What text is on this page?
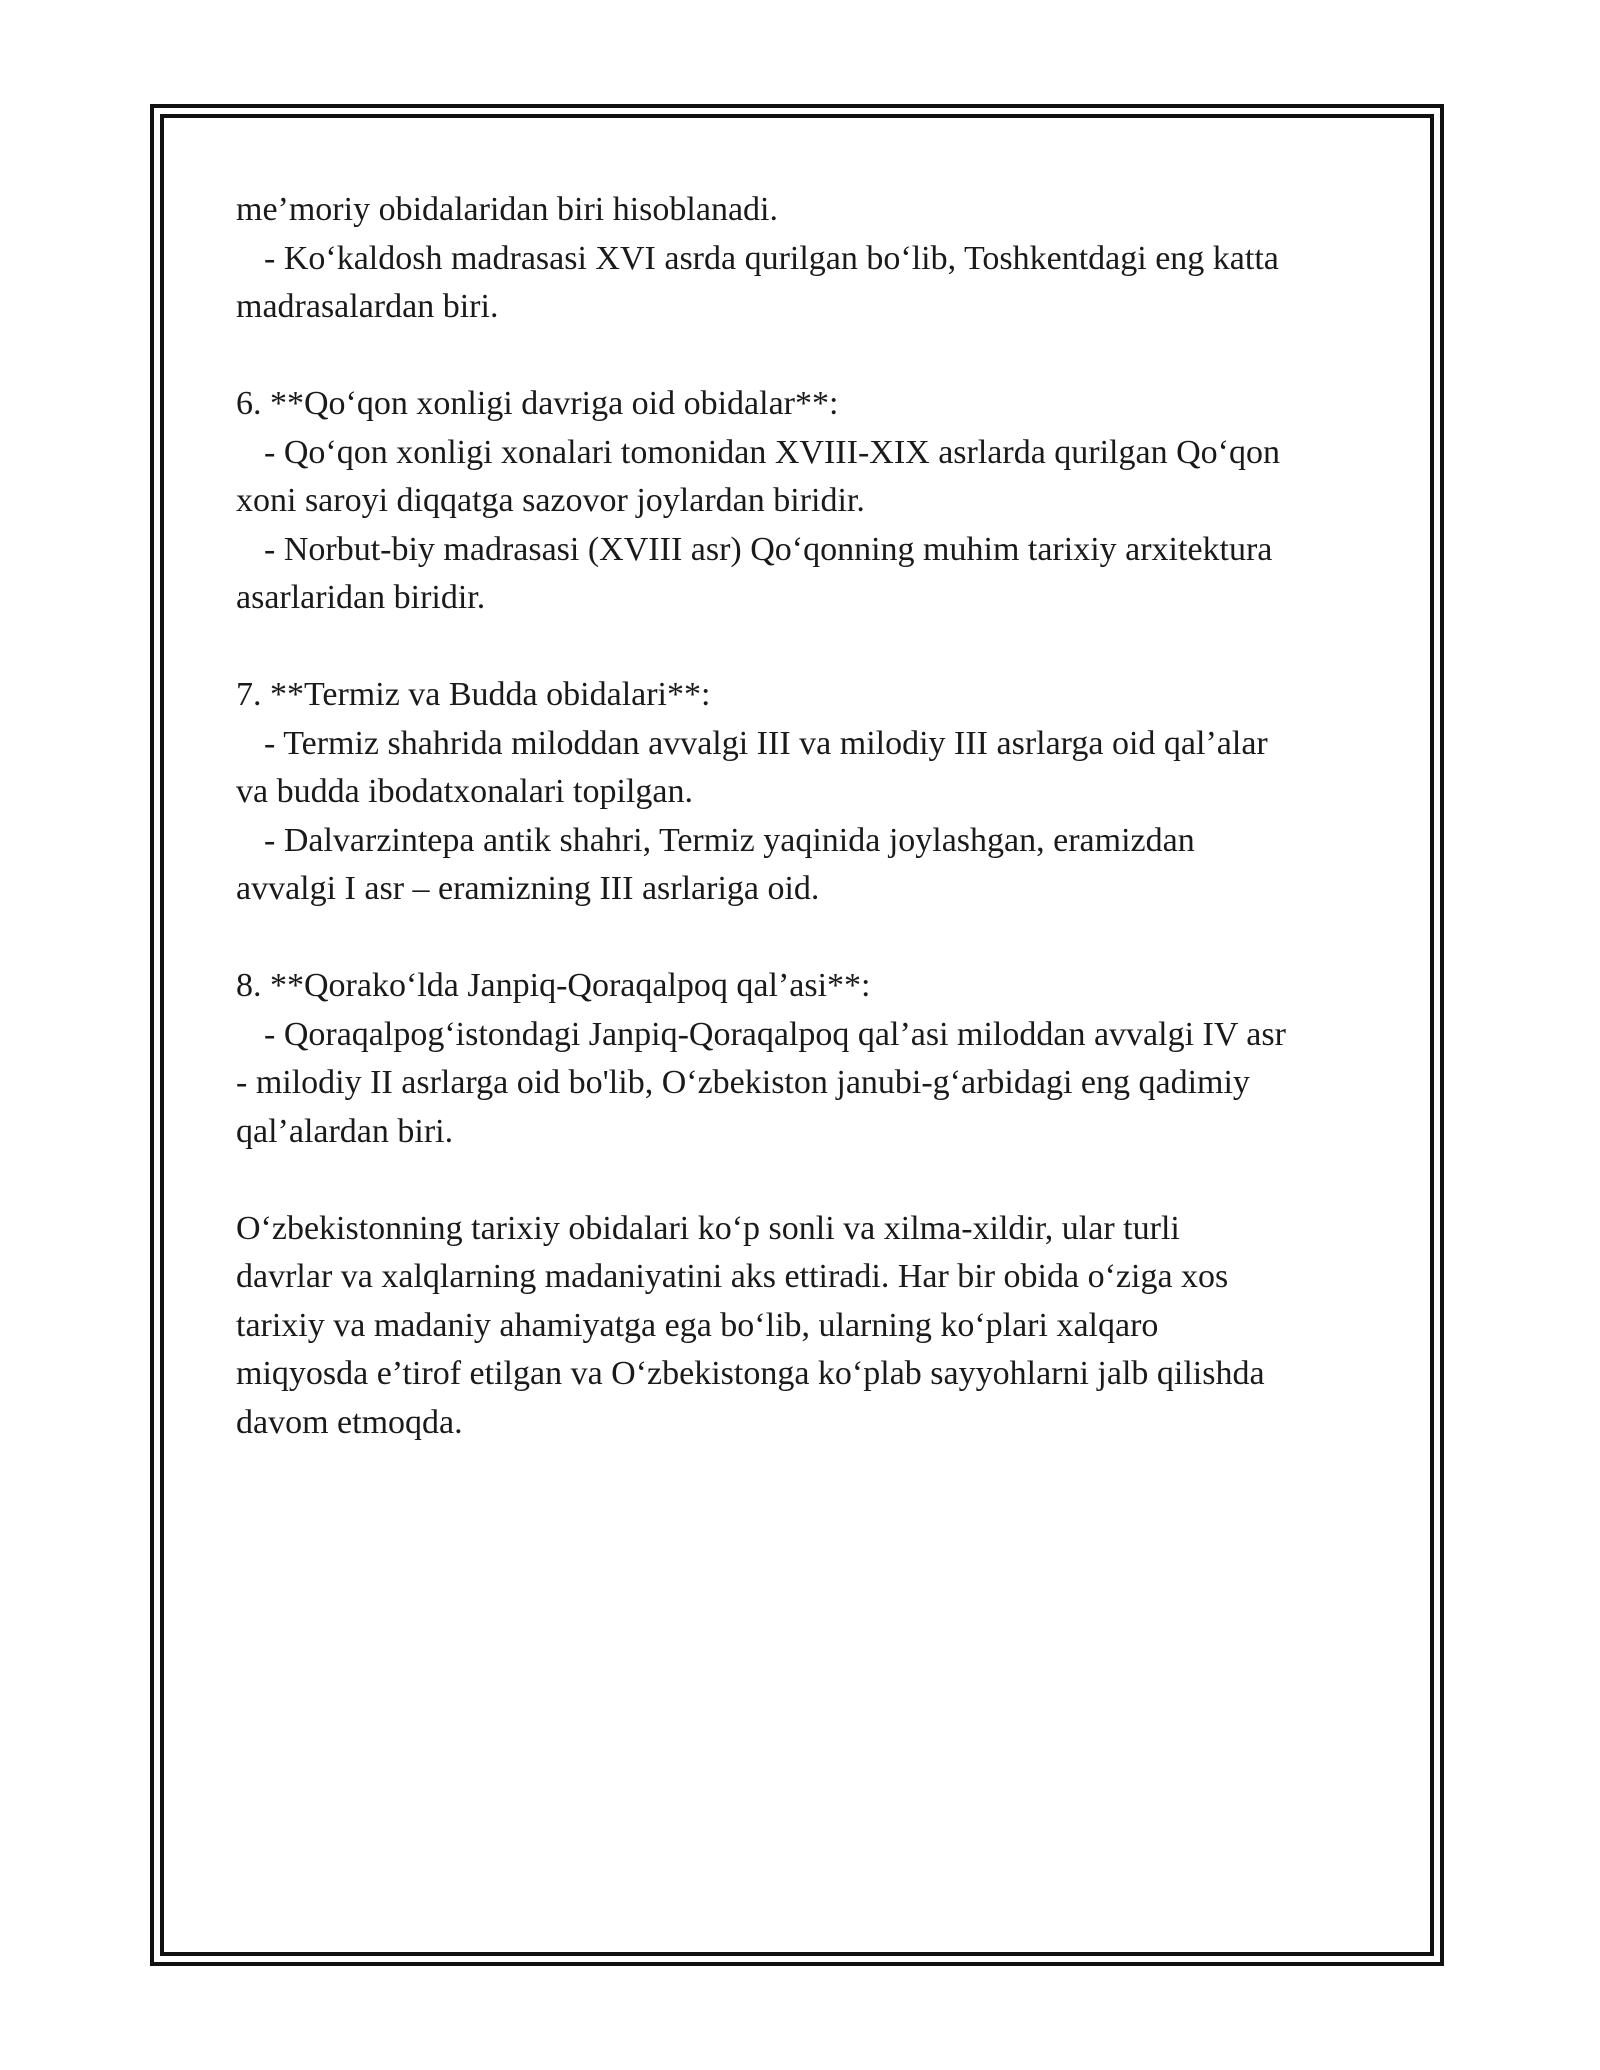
me’moriy obidalaridan biri hisoblanadi.

- Ko‘kaldosh madrasasi XVI asrda qurilgan bo‘lib, Toshkentdagi eng katta

madrasalardan biri.

6. **Qo‘qon xonligi davriga oid obidalar**:

- Qo‘qon xonligi xonalari tomonidan XVIII-XIX asrlarda qurilgan Qo‘qon

xoni saroyi diqqatga sazovor joylardan biridir.

- Norbut-biy madrasasi (XVIII asr) Qo‘qonning muhim tarixiy arxitektura

asarlaridan biridir.

7. **Termiz va Budda obidalari**:

- Termiz shahrida miloddan avvalgi III va milodiy III asrlarga oid qal’alar

va budda ibodatxonalari topilgan.

- Dalvarzintepa antik shahri, Termiz yaqinida joylashgan, eramizdan

avvalgi I asr – eramizning III asrlariga oid.

8. **Qorako‘lda Janpiq-Qoraqalpoq qal’asi**:

- Qoraqalpog‘istondagi Janpiq-Qoraqalpoq qal’asi miloddan avvalgi IV asr

- milodiy II asrlarga oid bo'lib, O‘zbekiston janubi-g‘arbidagi eng qadimiy

qal’alardan biri.

O‘zbekistonning tarixiy obidalari ko‘p sonli va xilma-xildir, ular turli

davrlar va xalqlarning madaniyatini aks ettiradi. Har bir obida o‘ziga xos

tarixiy va madaniy ahamiyatga ega bo‘lib, ularning ko‘plari xalqaro

miqyosda e’tirof etilgan va O‘zbekistonga ko‘plab sayyohlarni jalb qilishda

davom etmoqda.
